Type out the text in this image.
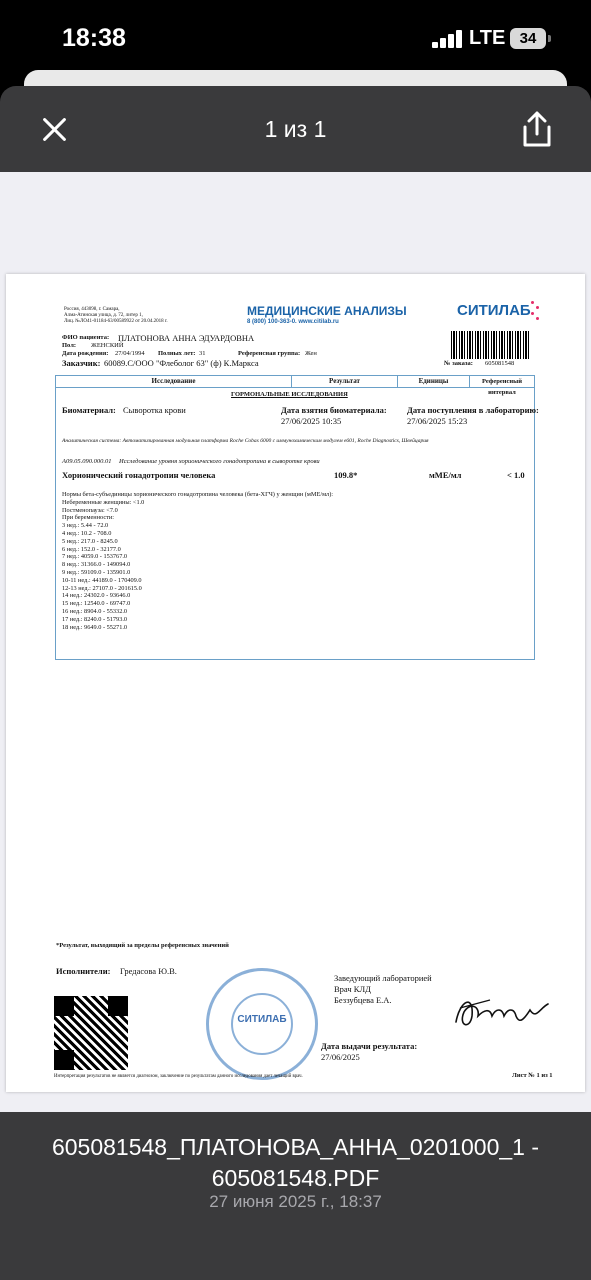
18:38	LTE 34
1 из 1
Россия, 443098, г. Самара,
Алма-Атинская улица, д. 72, литер 1,
Лиц. №ЛО41-01184-63/00589922 от 20.04.2018 г.
МЕДИЦИНСКИЕ АНАЛИЗЫ
8 (800) 100-363-0. www.citilab.ru
СИТИЛАБ
ФИО пациента: ПЛАТОНОВА АННА ЭДУАРДОВНА
Пол: ЖЕНСКИЙ
Дата рождения: 27/04/1994 Полных лет: 31	Референсная группа: Жен
Заказчик: 60089.С/ООО "Флеболог 63" (ф) К.Маркса	№ заказа: 605081548
Исследование	Результат	Единицы	Референсный интервал
ГОРМОНАЛЬНЫЕ ИССЛЕДОВАНИЯ
Биоматериал: Сыворотка крови	Дата взятия биоматериала:
27/06/2025 10:35
Дата поступления в лабораторию:
27/06/2025 15:23
Аналитическая система: Автоматизированная модульная платформа Roche Cobas 6000 с иммунохимическим модулем e601, Roche Diagnostics, Швейцария
A09.05.090.000.01 Исследование уровня хорионического гонадотропина в сыворотке крови
Хорионический гонадотропин человека	109.8*	мМЕ/мл	< 1.0
Нормы бета-субъединицы хорионического гонадотропина человека (бета-ХГЧ) у женщин (мМЕ/мл):
Небеременные женщины: <1.0
Постменопауза: <7.0
При беременности:
3 нед.: 5.44 - 72.0
4 нед.: 10.2 - 708.0
5 нед.: 217.0 - 8245.0
6 нед.: 152.0 - 32177.0
7 нед.: 4059.0 - 153767.0
8 нед.: 31366.0 - 149094.0
9 нед.: 59109.0 - 135901.0
10-11 нед.: 44189.0 - 170409.0
12-13 нед.: 27107.0 - 201615.0
14 нед.: 24302.0 - 93646.0
15 нед.: 12540.0 - 69747.0
16 нед.: 8904.0 - 55332.0
17 нед.: 8240.0 - 51793.0
18 нед.: 9649.0 - 55271.0
*Результат, выходящий за пределы референсных значений
Исполнители: Гредасова Ю.В.
СИТИЛАБ
Заведующий лабораторией
Врач КЛД
Беззубцева Е.А.
Дата выдачи результата:
27/06/2025
Интерпретация результатов не является диагнозом, заключение по результатам данного исследования дает лечащий врач.	Лист № 1 из 1
605081548_ПЛАТОНОВА_АННА_0201000_1 - 605081548.PDF
27 июня 2025 г., 18:37
